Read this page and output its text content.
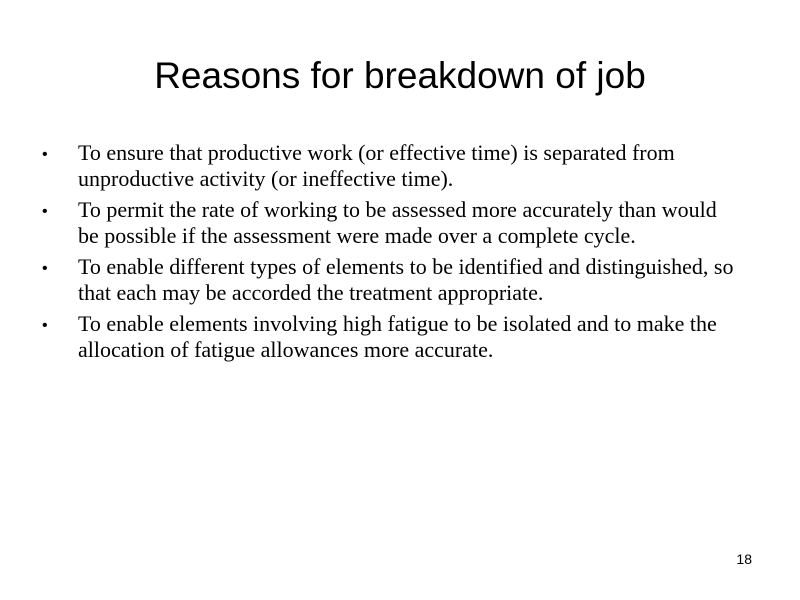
Reasons for breakdown of job
• To ensure that productive work (or effective time) is separated from unproductive activity (or ineffective time).
• To permit the rate of working to be assessed more accurately than would be possible if the assessment were made over a complete cycle.
• To enable different types of elements to be identified and distinguished, so that each may be accorded the treatment appropriate.
• To enable elements involving high fatigue to be isolated and to make the allocation of fatigue allowances more accurate.
18
